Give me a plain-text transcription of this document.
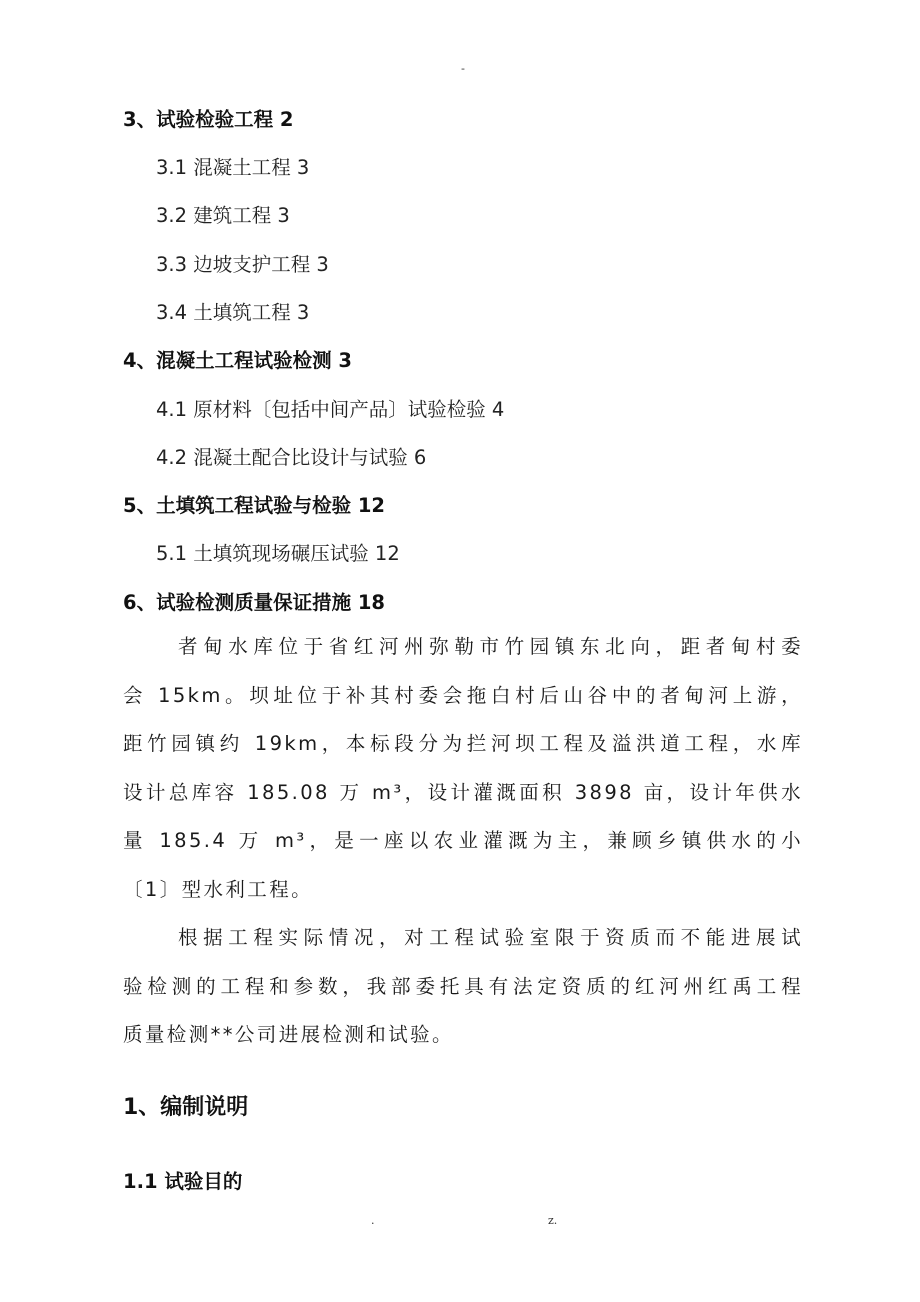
-
3、试验检验工程 2
3.1 混凝土工程 3
3.2 建筑工程 3
3.3 边坡支护工程 3
3.4 土填筑工程 3
4、混凝土工程试验检测 3
4.1 原材料〔包括中间产品〕试验检验 4
4.2 混凝土配合比设计与试验 6
5、土填筑工程试验与检验 12
5.1 土填筑现场碾压试验 12
6、试验检测质量保证措施 18
者甸水库位于省红河州弥勒市竹园镇东北向，距者甸村委
会 15km。坝址位于补其村委会拖白村后山谷中的者甸河上游，
距竹园镇约 19km，本标段分为拦河坝工程及溢洪道工程，水库
设计总库容 185.08 万 m³，设计灌溉面积 3898 亩，设计年供水
量 185.4 万 m³，是一座以农业灌溉为主，兼顾乡镇供水的小
〔1〕型水利工程。
根据工程实际情况，对工程试验室限于资质而不能进展试
验检测的工程和参数，我部委托具有法定资质的红河州红禹工程
质量检测**公司进展检测和试验。
1、编制说明
1.1 试验目的
.	z.
